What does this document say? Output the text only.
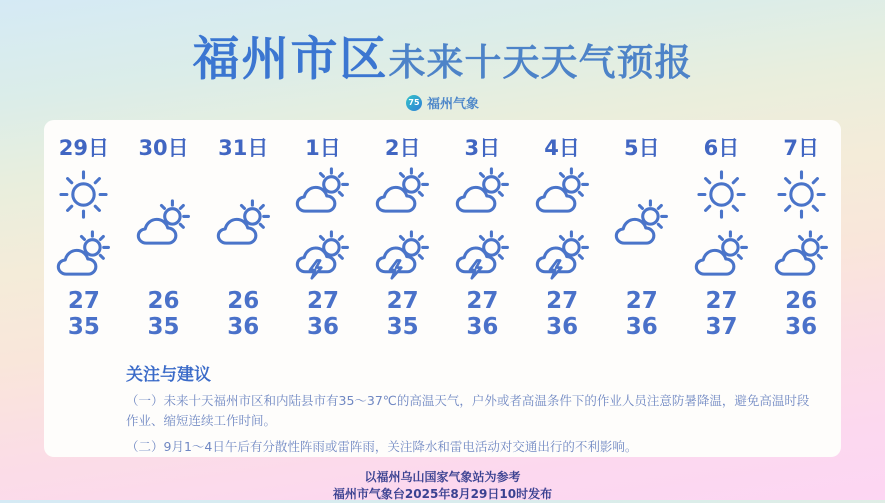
福州市区 未来十天天气预报
75 福州气象
29日
27
35
30日
26
35
31日
26
36
1日
27
36
2日
27
35
3日
27
36
4日
27
36
5日
27
36
6日
27
37
7日
26
36
关注与建议

（一）未来十天福州市区和内陆县市有35～37℃的高温天气，户外或者高温条件下的作业人员注意防暑降温，避免高温时段作业、缩短连续工作时间。

（二）9月1～4日午后有分散性阵雨或雷阵雨，关注降水和雷电活动对交通出行的不利影响。

以福州乌山国家气象站为参考
福州市气象台2025年8月29日10时发布
